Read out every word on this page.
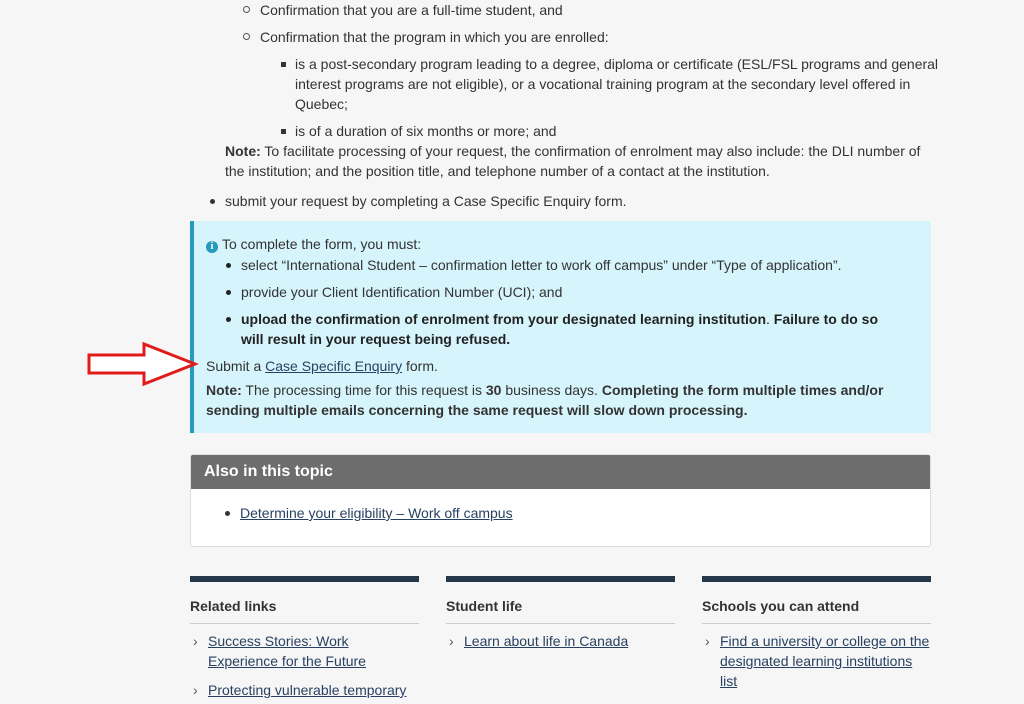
Confirmation that you are a full-time student, and
Confirmation that the program in which you are enrolled:
is a post-secondary program leading to a degree, diploma or certificate (ESL/FSL programs and general interest programs are not eligible), or a vocational training program at the secondary level offered in Quebec;
is of a duration of six months or more; and
Note: To facilitate processing of your request, the confirmation of enrolment may also include: the DLI number of the institution; and the position title, and telephone number of a contact at the institution.
submit your request by completing a Case Specific Enquiry form.
i To complete the form, you must:
select “International Student – confirmation letter to work off campus” under “Type of application”.
provide your Client Identification Number (UCI); and
upload the confirmation of enrolment from your designated learning institution. Failure to do so will result in your request being refused.
Submit a Case Specific Enquiry form.
Note: The processing time for this request is 30 business days. Completing the form multiple times and/or sending multiple emails concerning the same request will slow down processing.
Also in this topic
Determine your eligibility – Work off campus
Related links
› Success Stories: Work Experience for the Future
› Protecting vulnerable temporary
Student life
› Learn about life in Canada
Schools you can attend
› Find a university or college on the designated learning institutions list
